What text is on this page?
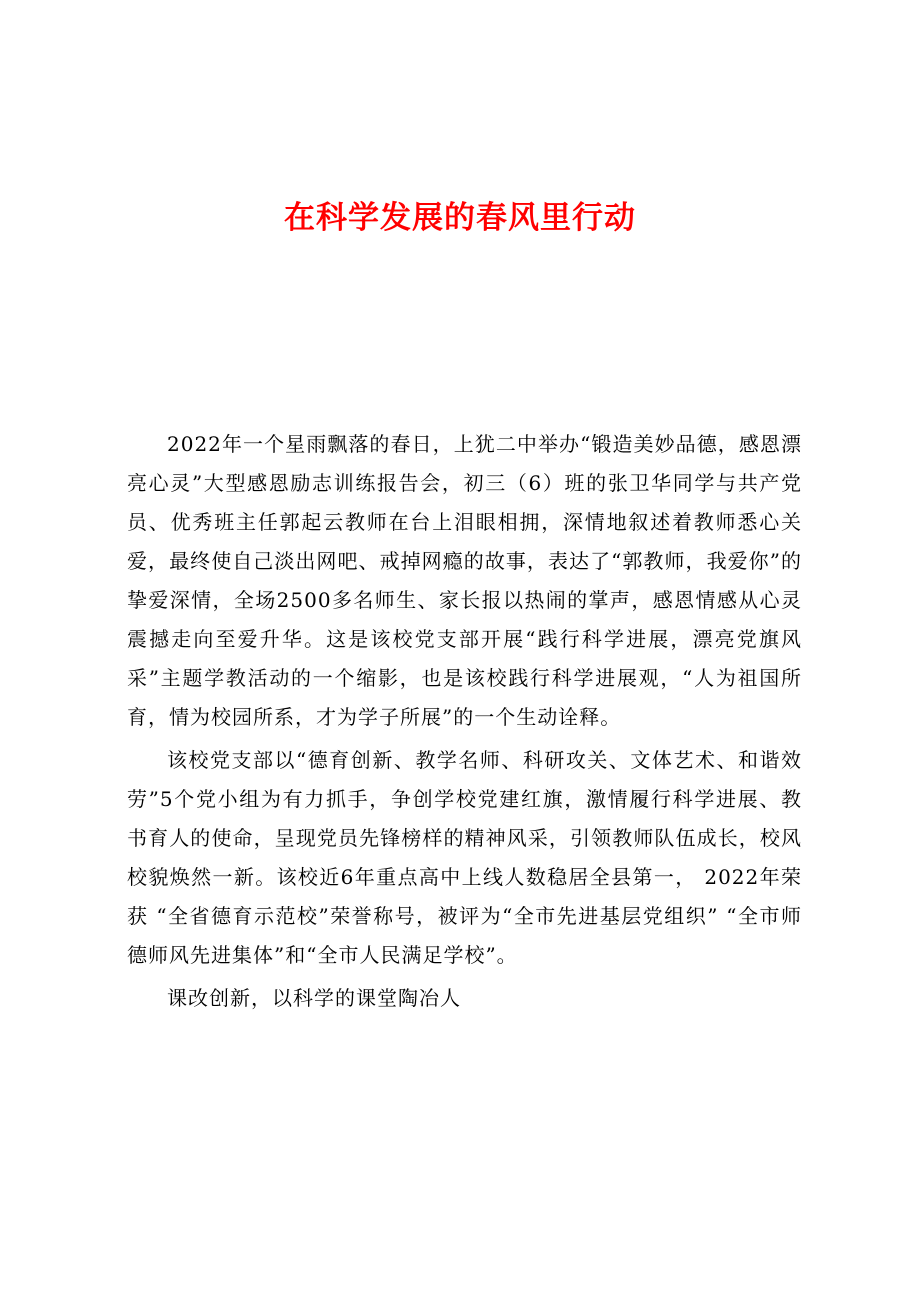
在科学发展的春风里行动

2022年一个星雨飘落的春日，上犹二中举办“锻造美妙品德，感恩漂亮心灵”大型感恩励志训练报告会，初三（6）班的张卫华同学与共产党员、优秀班主任郭起云教师在台上泪眼相拥，深情地叙述着教师悉心关爱，最终使自己淡出网吧、戒掉网瘾的故事，表达了“郭教师，我爱你”的挚爱深情，全场2500多名师生、家长报以热闹的掌声，感恩情感从心灵震撼走向至爱升华。这是该校党支部开展“践行科学进展，漂亮党旗风采”主题学教活动的一个缩影，也是该校践行科学进展观，“人为祖国所育，情为校园所系，才为学子所展”的一个生动诠释。

该校党支部以“德育创新、教学名师、科研攻关、文体艺术、和谐效劳”5个党小组为有力抓手，争创学校党建红旗，激情履行科学进展、教书育人的使命，呈现党员先锋榜样的精神风采，引领教师队伍成长，校风校貌焕然一新。该校近6年重点高中上线人数稳居全县第一， 2022年荣获 “全省德育示范校”荣誉称号，被评为“全市先进基层党组织” “全市师德师风先进集体”和“全市人民满足学校”。

课改创新，以科学的课堂陶冶人
